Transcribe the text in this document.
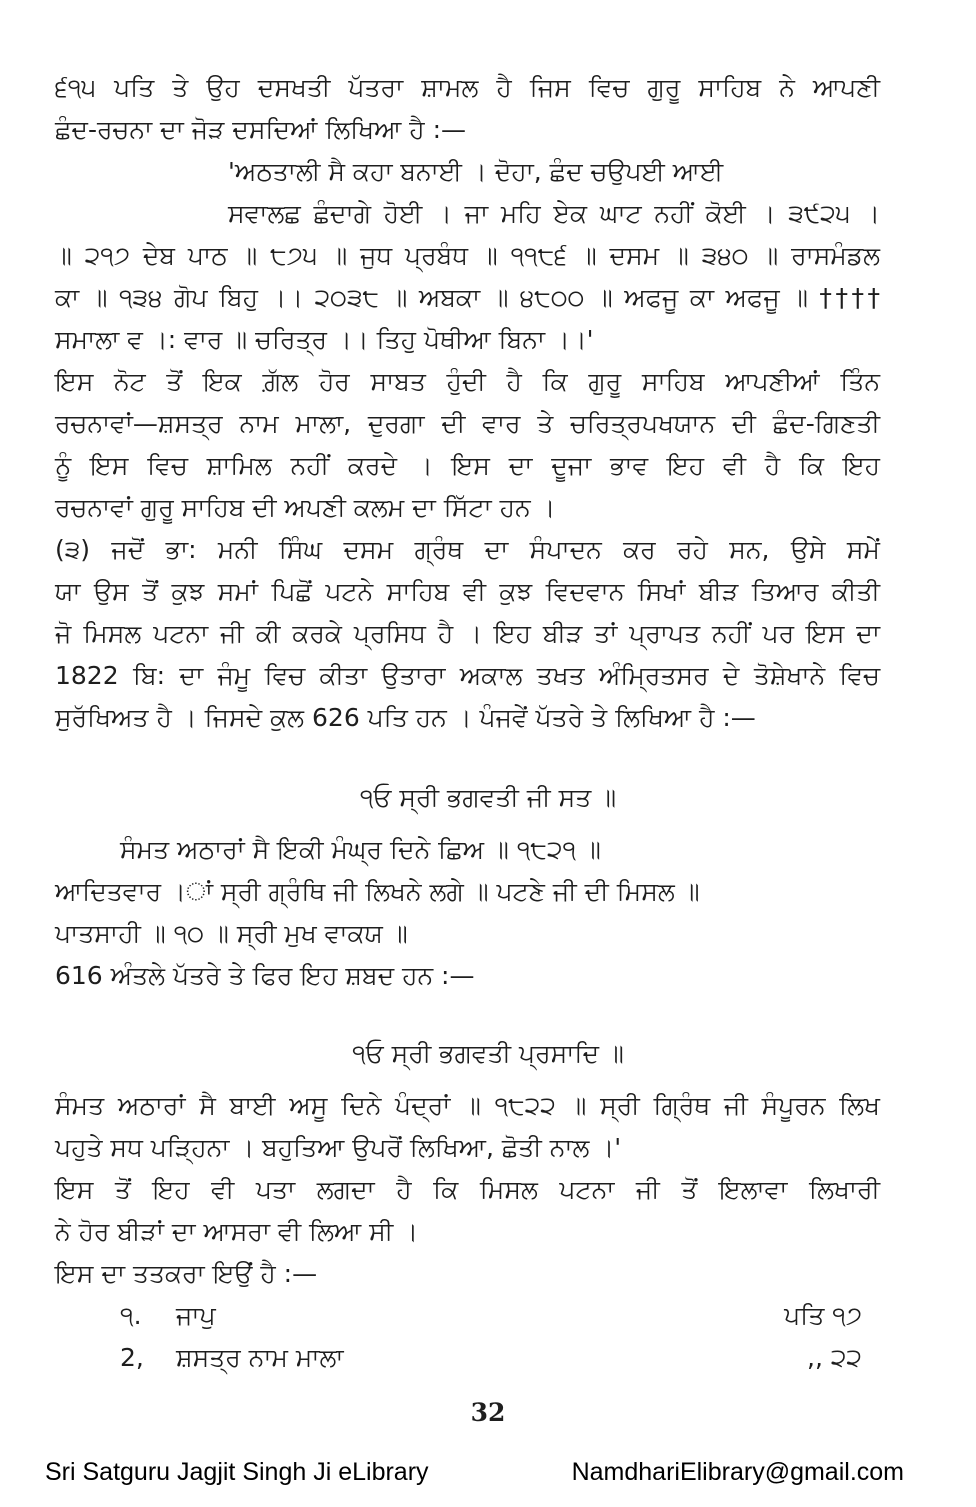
੬੧੫ ਪਤਿ ਤੇ ਉਹ ਦਸਖਤੀ ਪੱਤਰਾ ਸ਼ਾਮਲ ਹੈ ਜਿਸ ਵਿਚ ਗੁਰੂ ਸਾਹਿਬ ਨੇ ਆਪਣੀ
ਛੰਦ-ਰਚਨਾ ਦਾ ਜੋੜ ਦਸਦਿਆਂ ਲਿਖਿਆ ਹੈ :—
'ਅਠਤਾਲੀ ਸੈ ਕਹਾ ਬਨਾਈ । ਦੋਹਾ, ਛੰਦ ਚਉਪਈ ਆਈ
ਸਵਾਲਛ ਛੰਦਾਗੇ ਹੋਈ । ਜਾ ਮਹਿ ਏਕ ਘਾਟ ਨਹੀਂ ਕੋਈ । ੩੯੨੫ ।
॥ ੨੧੭ ਦੇਬ ਪਾਠ ॥ ੮੭੫ ॥ ਜੁਧ ਪ੍ਰਬੰਧ ॥ ੧੧੮੬ ॥ ਦਸਮ ॥ ੩੪੦ ॥ ਰਾਸਮੰਡਲ
ਕਾ ॥ ੧੩੪ ਗੋਪ ਬਿਹੁ ।। ੨੦੩੮ ॥ ਅਬਕਾ ॥ ੪੮੦੦ ॥ ਅਫਜੂ ਕਾ ਅਫਜੂ ॥ ††††
ਸਮਾਲਾ ਵ ।: ਵਾਰ ॥ ਚਰਿਤ੍ਰ ।। ਤਿਹੁ ਪੋਥੀਆ ਬਿਨਾ ।।'
ਇਸ ਨੋਟ ਤੋਂ ਇਕ ਗ਼ੱਲ ਹੋਰ ਸਾਬਤ ਹੁੰਦੀ ਹੈ ਕਿ ਗੁਰੂ ਸਾਹਿਬ ਆਪਣੀਆਂ ਤਿੰਨ
ਰਚਨਾਵਾਂ—ਸ਼ਸਤ੍ਰ ਨਾਮ ਮਾਲਾ, ਦੁਰਗਾ ਦੀ ਵਾਰ ਤੇ ਚਰਿਤ੍ਰਪਖਯਾਨ ਦੀ ਛੰਦ-ਗਿਣਤੀ
ਨੂੰ ਇਸ ਵਿਚ ਸ਼ਾਮਿਲ ਨਹੀਂ ਕਰਦੇ । ਇਸ ਦਾ ਦੂਜਾ ਭਾਵ ਇਹ ਵੀ ਹੈ ਕਿ ਇਹ
ਰਚਨਾਵਾਂ ਗੁਰੂ ਸਾਹਿਬ ਦੀ ਅਪਣੀ ਕਲਮ ਦਾ ਸਿੱਟਾ ਹਨ ।
(੩) ਜਦੋਂ ਭਾ: ਮਨੀ ਸਿੰਘ ਦਸਮ ਗ੍ਰੰਥ ਦਾ ਸੰਪਾਦਨ ਕਰ ਰਹੇ ਸਨ, ਉਸੇ ਸਮੇਂ
ਯਾ ਉਸ ਤੋਂ ਕੁਝ ਸਮਾਂ ਪਿਛੋਂ ਪਟਨੇ ਸਾਹਿਬ ਵੀ ਕੁਝ ਵਿਦਵਾਨ ਸਿਖਾਂ ਬੀੜ ਤਿਆਰ ਕੀਤੀ
ਜੋ ਮਿਸਲ ਪਟਨਾ ਜੀ ਕੀ ਕਰਕੇ ਪ੍ਰਸਿਧ ਹੈ । ਇਹ ਬੀੜ ਤਾਂ ਪ੍ਰਾਪਤ ਨਹੀਂ ਪਰ ਇਸ ਦਾ
1822 ਬਿ: ਦਾ ਜੰਮੂ ਵਿਚ ਕੀਤਾ ਉਤਾਰਾ ਅਕਾਲ ਤਖਤ ਅੰਮ੍ਰਿਤਸਰ ਦੇ ਤੋਸ਼ੇਖਾਨੇ ਵਿਚ
ਸੁਰੱਖਿਅਤ ਹੈ । ਜਿਸਦੇ ਕੁਲ 626 ਪਤਿ ਹਨ । ਪੰਜਵੇਂ ਪੱਤਰੇ ਤੇ ਲਿਖਿਆ ਹੈ :—
੧ਓ ਸ੍ਰੀ ਭਗਵਤੀ ਜੀ ਸਤ ॥
ਸੰਮਤ ਅਠਾਰਾਂ ਸੈ ਇਕੀ ਮੰਘ੍ਰ ਦਿਨੇ ਛਿਅ ॥ ੧੮੨੧ ॥
ਆਦਿਤਵਾਰ ।ਾਂ ਸ੍ਰੀ ਗ੍ਰੰਥਿ ਜੀ ਲਿਖਨੇ ਲਗੇ ॥ ਪਟਣੇ ਜੀ ਦੀ ਮਿਸਲ ॥
ਪਾਤਸਾਹੀ ॥ ੧੦ ॥ ਸ੍ਰੀ ਮੁਖ ਵਾਕਯ ॥
616 ਅੰਤਲੇ ਪੱਤਰੇ ਤੇ ਫਿਰ ਇਹ ਸ਼ਬਦ ਹਨ :—
੧ਓ ਸ੍ਰੀ ਭਗਵਤੀ ਪ੍ਰਸਾਦਿ ॥
ਸੰਮਤ ਅਠਾਰਾਂ ਸੈ ਬਾਈ ਅਸੂ ਦਿਨੇ ਪੰਦ੍ਰਾਂ ॥ ੧੮੨੨ ॥ ਸ੍ਰੀ ਗ੍ਰਿੰਥ ਜੀ ਸੰਪੂਰਨ ਲਿਖ
ਪਹੁਤੇ ਸਧ ਪੜ੍ਹਿਨਾ । ਬਹੁਤਿਆ ਉਪਰੋਂ ਲਿਖਿਆ, ਛੋਤੀ ਨਾਲ ।'
ਇਸ ਤੋਂ ਇਹ ਵੀ ਪਤਾ ਲਗਦਾ ਹੈ ਕਿ ਮਿਸਲ ਪਟਨਾ ਜੀ ਤੋਂ ਇਲਾਵਾ ਲਿਖਾਰੀ
ਨੇ ਹੋਰ ਬੀੜਾਂ ਦਾ ਆਸਰਾ ਵੀ ਲਿਆ ਸੀ ।
ਇਸ ਦਾ ਤਤਕਰਾ ਇਉਂ ਹੈ :—
੧. ਜਾਪੁ	ਪਤਿ ੧੭
2, ਸ਼ਸਤ੍ਰ ਨਾਮ ਮਾਲਾ	,, ੨੨
32
Sri Satguru Jagjit Singh Ji eLibrary	NamdhariElibrary@gmail.com
